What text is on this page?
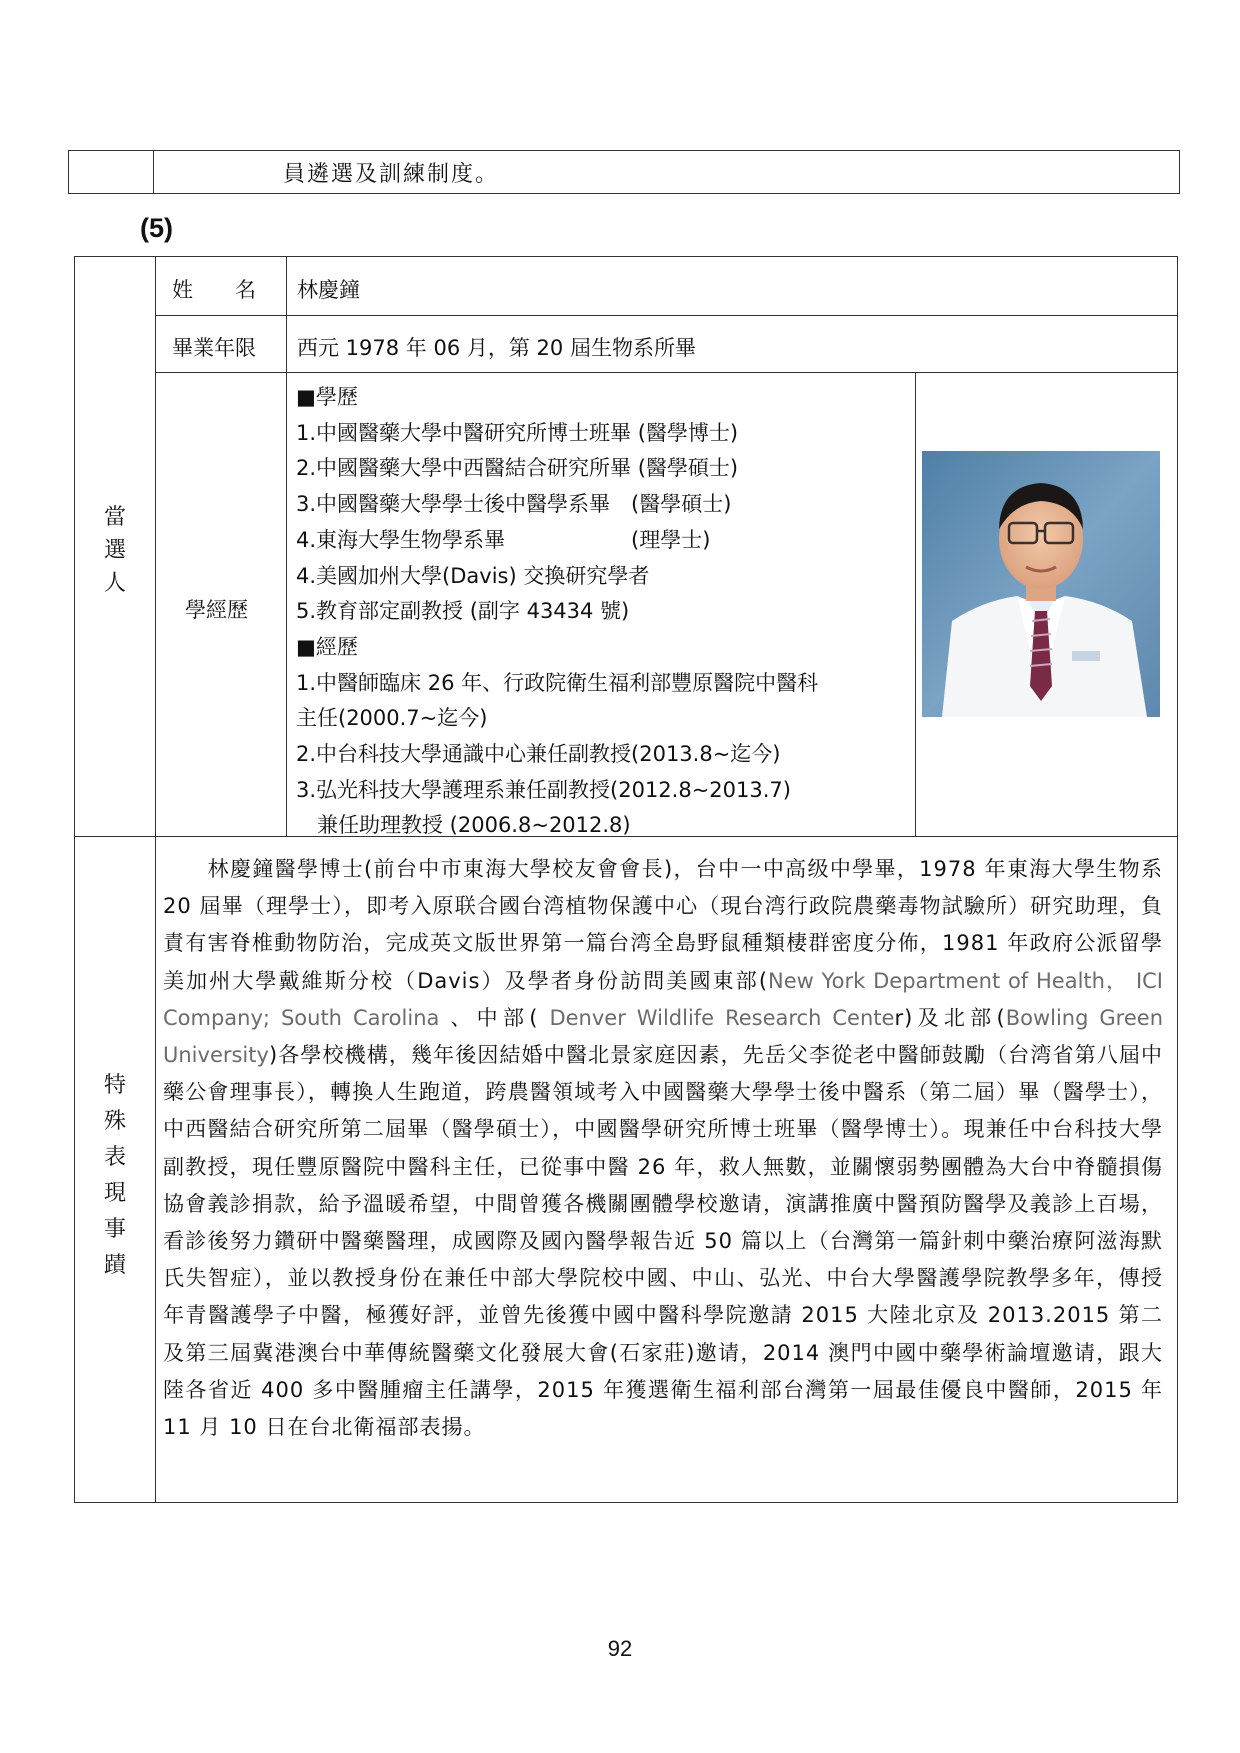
員遴選及訓練制度。
(5)
當選人
特殊表現事蹟
姓　　名 林慶鐘
畢業年限 西元 1978 年 06 月，第 20 屆生物系所畢
學經歷
■學歷
1.中國醫藥大學中醫研究所博士班畢 (醫學博士)
2.中國醫藥大學中西醫結合研究所畢 (醫學碩士)
3.中國醫藥大學學士後中醫學系畢　(醫學碩士)
4.東海大學生物學系畢　　　　　　(理學士)
4.美國加州大學(Davis) 交換研究學者
5.教育部定副教授 (副字 43434 號)
■經歷
1.中醫師臨床 26 年、行政院衛生福利部豐原醫院中醫科
主任(2000.7~迄今)
2.中台科技大學通識中心兼任副教授(2013.8~迄今)
3.弘光科技大學護理系兼任副教授(2012.8~2013.7)
　兼任助理教授 (2006.8~2012.8)
　　林慶鐘醫學博士(前台中市東海大學校友會會長)，台中一中高级中學畢，1978 年東海大學生物系 20 屆畢（理學士），即考入原联合國台湾植物保護中心（現台湾行政院農藥毒物試驗所）研究助理，負責有害脊椎動物防治，完成英文版世界第一篇台湾全島野鼠種類棲群密度分佈，1981 年政府公派留學美加州大學戴維斯分校（Davis）及學者身份訪問美國東部(New York Department of Health， ICI Company; South Carolina 、中部( Denver Wildlife Research Center)及北部(Bowling Green University)各學校機構，幾年後因結婚中醫北景家庭因素，先岳父李從老中醫師鼓勵（台湾省第八屆中藥公會理事長），轉換人生跑道，跨農醫領域考入中國醫藥大學學士後中醫系（第二屆）畢（醫學士），中西醫結合研究所第二屆畢（醫學碩士），中國醫學研究所博士班畢（醫學博士）。現兼任中台科技大學副教授，現任豐原醫院中醫科主任，已從事中醫 26 年，救人無數，並關懷弱勢團體為大台中脊髓損傷協會義診捐款，給予溫暖希望，中間曾獲各機關團體學校邀请，演講推廣中醫預防醫學及義診上百場，看診後努力鑽研中醫藥醫理，成國際及國內醫學報告近 50 篇以上（台灣第一篇針刺中藥治療阿滋海默氏失智症），並以教授身份在兼任中部大學院校中國、中山、弘光、中台大學醫護學院教學多年，傳授年青醫護學子中醫，極獲好評，並曾先後獲中國中醫科學院邀請 2015 大陸北京及 2013.2015 第二及第三屆冀港澳台中華傳統醫藥文化發展大會(石家莊)邀请，2014 澳門中國中藥學術論壇邀请，跟大陸各省近 400 多中醫腫瘤主任講學，2015 年獲選衛生福利部台灣第一屆最佳優良中醫師，2015 年 11 月 10 日在台北衛福部表揚。
92
